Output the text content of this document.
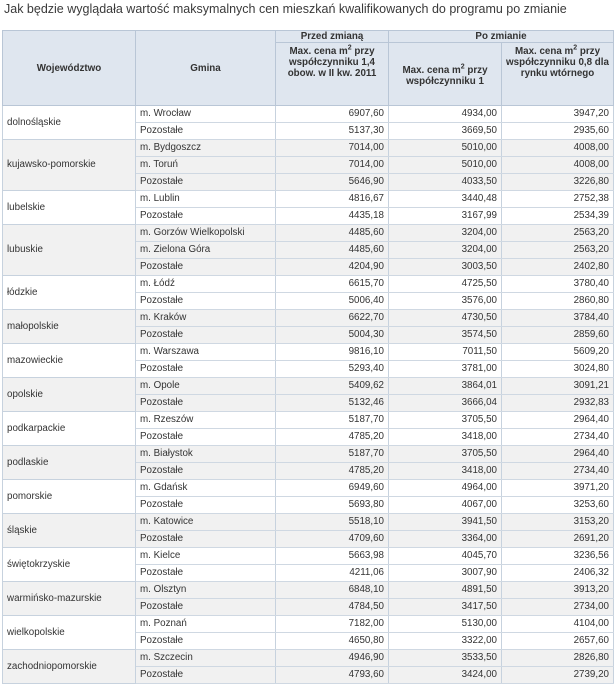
Jak będzie wyglądała wartość maksymalnych cen mieszkań kwalifikowanych do programu po zmianie
Województwo	Gmina	Przed zmianą	Po zmianie	
		Max. cena $m^2$ przy współczynniku 1,4 obow. w II kw. 2011	Max. cena $m^2$ przy współczynniku 1	Max. cena $m^2$ przy współczynniku 0,8 dla rynku wtórnego
dolnośląskie	m. Wrocław	6907,60	4934,00	3947,20
	Pozostałe	5137,30	3669,50	2935,60
kujawsko-pomorskie	m. Bydgoszcz	7014,00	5010,00	4008,00
	m. Toruń	7014,00	5010,00	4008,00
	Pozostałe	5646,90	4033,50	3226,80
lubelskie	m. Lublin	4816,67	3440,48	2752,38
	Pozostałe	4435,18	3167,99	2534,39
lubuskie	m. Gorzów Wielkopolski	4485,60	3204,00	2563,20
	m. Zielona Góra	4485,60	3204,00	2563,20
	Pozostałe	4204,90	3003,50	2402,80
łódzkie	m. Łódź	6615,70	4725,50	3780,40
	Pozostałe	5006,40	3576,00	2860,80
małopolskie	m. Kraków	6622,70	4730,50	3784,40
	Pozostałe	5004,30	3574,50	2859,60
mazowieckie	m. Warszawa	9816,10	7011,50	5609,20
	Pozostałe	5293,40	3781,00	3024,80
opolskie	m. Opole	5409,62	3864,01	3091,21
	Pozostałe	5132,46	3666,04	2932,83
podkarpackie	m. Rzeszów	5187,70	3705,50	2964,40
	Pozostałe	4785,20	3418,00	2734,40
podlaskie	m. Białystok	5187,70	3705,50	2964,40
	Pozostałe	4785,20	3418,00	2734,40
pomorskie	m. Gdańsk	6949,60	4964,00	3971,20
	Pozostałe	5693,80	4067,00	3253,60
śląskie	m. Katowice	5518,10	3941,50	3153,20
	Pozostałe	4709,60	3364,00	2691,20
świętokrzyskie	m. Kielce	5663,98	4045,70	3236,56
	Pozostałe	4211,06	3007,90	2406,32
warmińsko-mazurskie	m. Olsztyn	6848,10	4891,50	3913,20
	Pozostałe	4784,50	3417,50	2734,00
wielkopolskie	m. Poznań	7182,00	5130,00	4104,00
	Pozostałe	4650,80	3322,00	2657,60
zachodniopomorskie	m. Szczecin	4946,90	3533,50	2826,80
	Pozostałe	4793,60	3424,00	2739,20
